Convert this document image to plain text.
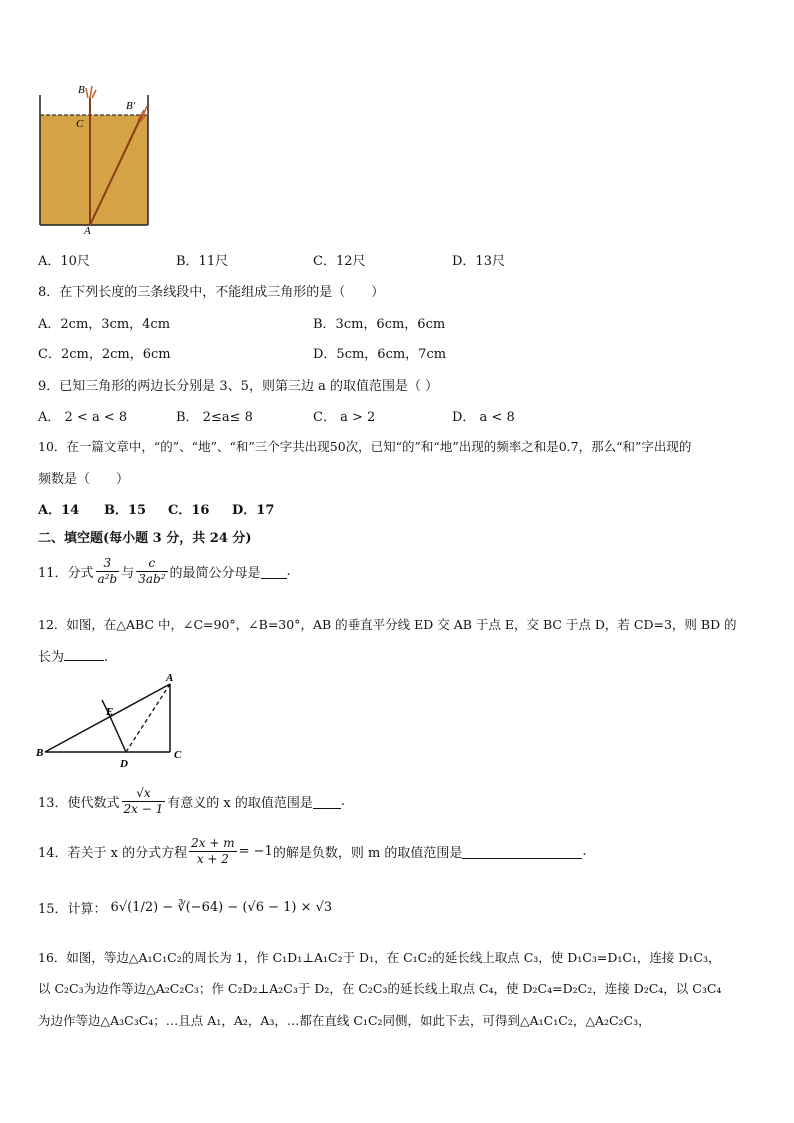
B
B′
C
A
A．10尺	B．11尺	C．12尺	D．13尺
8．在下列长度的三条线段中，不能组成三角形的是（　　）
A．2cm，3cm，4cm	B．3cm，6cm，6cm
C．2cm，2cm，6cm	D．5cm，6cm，7cm
9．已知三角形的两边长分别是 3、5，则第三边 a 的取值范围是（ ）
A． 2 < a < 8	B． 2≤a≤ 8	C． a > 2	D． a < 8
10．在一篇文章中，“的”、“地”、“和”三个字共出现50次，已知“的”和“地”出现的频率之和是0.7，那么“和”字出现的
频数是（　　）
A．14 B．15 C．16 D．17
二、填空题(每小题 3 分，共 24 分)
11．分式 $\frac{3}{\text{a²b}}$ 与 $\frac{c}{\text{3ab²}}$ 的最简公分母是 .
12．如图，在△ABC 中，∠C=90°，∠B=30°，AB 的垂直平分线 ED 交 AB 于点 E，交 BC 于点 D，若 CD=3，则 BD 的
长为	.
A
B	C
D
E
13．使代数式 $\frac{√x}{2x - 1}$ 有意义的 x 的取值范围是 .
14．若关于 x 的分式方程 $\frac{2x + m}{x + 2} = -1$ 的解是负数，则 m 的取值范围是	.
15．计算： 6√(1/2) − ∛(−64) − (√6 − 1) × √3
16．如图，等边△A₁C₁C₂的周长为 1，作 C₁D₁⊥A₁C₂于 D₁，在 C₁C₂的延长线上取点 C₃，使 D₁C₃=D₁C₁，连接 D₁C₃，
以 C₂C₃为边作等边△A₂C₂C₃；作 C₂D₂⊥A₂C₃于 D₂，在 C₂C₃的延长线上取点 C₄，使 D₂C₄=D₂C₂，连接 D₂C₄，以 C₃C₄
为边作等边△A₃C₃C₄；…且点 A₁，A₂，A₃，…都在直线 C₁C₂同侧，如此下去，可得到△A₁C₁C₂，△A₂C₂C₃，
